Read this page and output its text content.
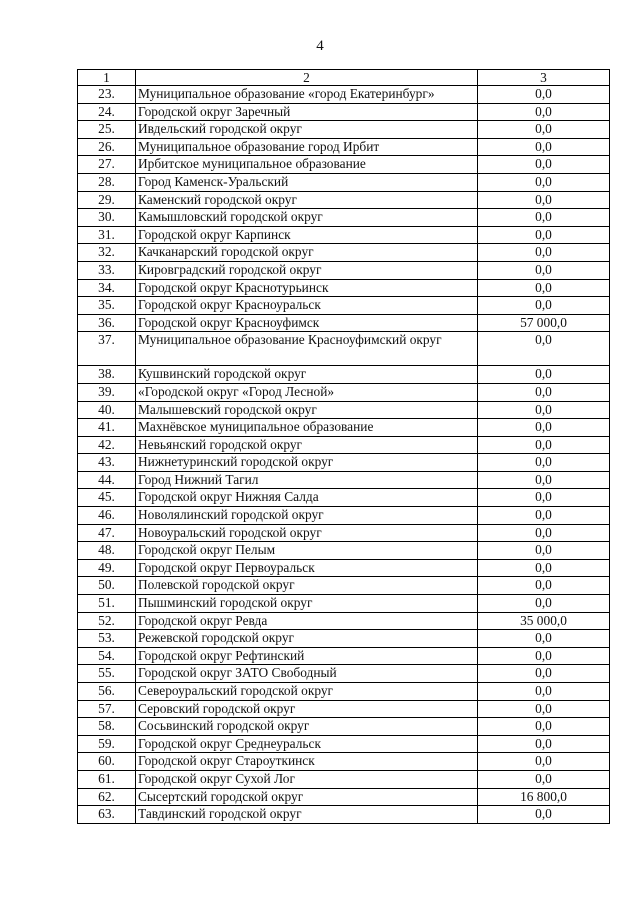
4
1	2	3
23.	Муниципальное образование «город Екатеринбург»	0,0
24.	Городской округ Заречный	0,0
25.	Ивдельский городской округ	0,0
26.	Муниципальное образование город Ирбит	0,0
27.	Ирбитское муниципальное образование	0,0
28.	Город Каменск-Уральский	0,0
29.	Каменский городской округ	0,0
30.	Камышловский городской округ	0,0
31.	Городской округ Карпинск	0,0
32.	Качканарский городской округ	0,0
33.	Кировградский городской округ	0,0
34.	Городской округ Краснотурьинск	0,0
35.	Городской округ Красноуральск	0,0
36.	Городской округ Красноуфимск	57 000,0
37.	Муниципальное образование Красноуфимский округ	0,0
38.	Кушвинский городской округ	0,0
39.	«Городской округ «Город Лесной»	0,0
40.	Малышевский городской округ	0,0
41.	Махнёвское муниципальное образование	0,0
42.	Невьянский городской округ	0,0
43.	Нижнетуринский городской округ	0,0
44.	Город Нижний Тагил	0,0
45.	Городской округ Нижняя Салда	0,0
46.	Новолялинский городской округ	0,0
47.	Новоуральский городской округ	0,0
48.	Городской округ Пелым	0,0
49.	Городской округ Первоуральск	0,0
50.	Полевской городской округ	0,0
51.	Пышминский городской округ	0,0
52.	Городской округ Ревда	35 000,0
53.	Режевской городской округ	0,0
54.	Городской округ Рефтинский	0,0
55.	Городской округ ЗАТО Свободный	0,0
56.	Североуральский городской округ	0,0
57.	Серовский городской округ	0,0
58.	Сосьвинский городской округ	0,0
59.	Городской округ Среднеуральск	0,0
60.	Городской округ Староуткинск	0,0
61.	Городской округ Сухой Лог	0,0
62.	Сысертский городской округ	16 800,0
63.	Тавдинский городской округ	0,0
